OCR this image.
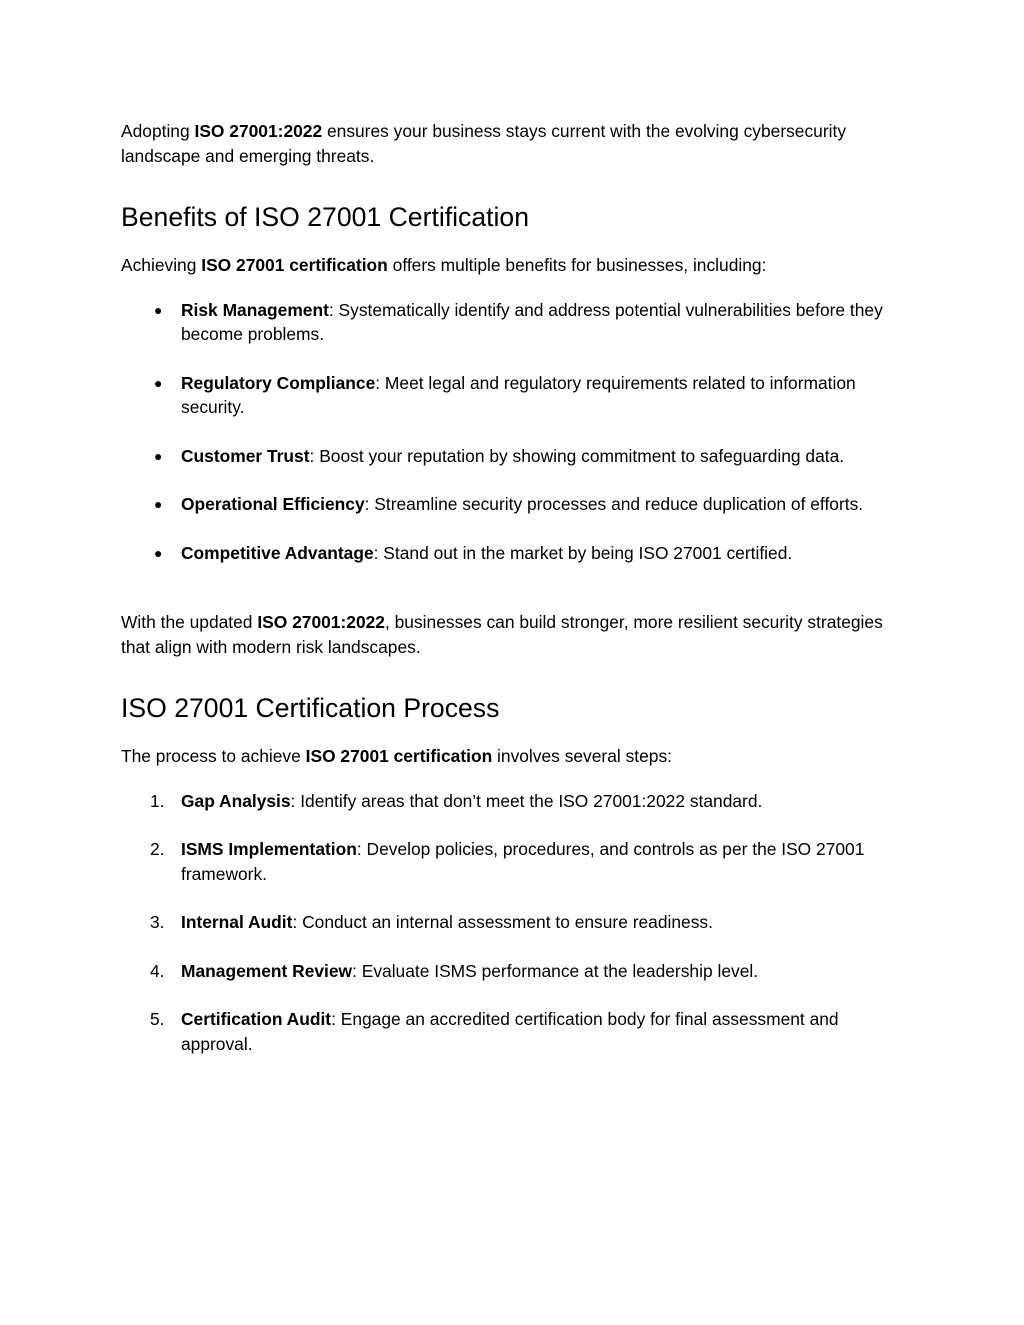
Adopting ISO 27001:2022 ensures your business stays current with the evolving cybersecurity landscape and emerging threats.

Benefits of ISO 27001 Certification

Achieving ISO 27001 certification offers multiple benefits for businesses, including:

● Risk Management: Systematically identify and address potential vulnerabilities before they become problems.
● Regulatory Compliance: Meet legal and regulatory requirements related to information security.
● Customer Trust: Boost your reputation by showing commitment to safeguarding data.
● Operational Efficiency: Streamline security processes and reduce duplication of efforts.
● Competitive Advantage: Stand out in the market by being ISO 27001 certified.

With the updated ISO 27001:2022, businesses can build stronger, more resilient security strategies that align with modern risk landscapes.

ISO 27001 Certification Process

The process to achieve ISO 27001 certification involves several steps:

1. Gap Analysis: Identify areas that don’t meet the ISO 27001:2022 standard.
2. ISMS Implementation: Develop policies, procedures, and controls as per the ISO 27001 framework.
3. Internal Audit: Conduct an internal assessment to ensure readiness.
4. Management Review: Evaluate ISMS performance at the leadership level.
5. Certification Audit: Engage an accredited certification body for final assessment and approval.
